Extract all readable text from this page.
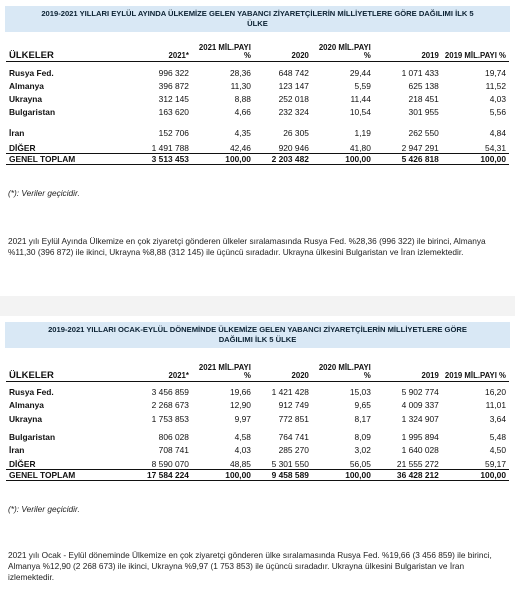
2019-2021 YILLARI EYLÜL AYINDA ÜLKEMİZE GELEN YABANCI ZİYARETÇİLERİN MİLLİYETLERE GÖRE DAĞILIMI İLK 5 ÜLKE
ÜLKELER	2021*	2021 MİL.PAYI %	2020	2020 MİL.PAYI %	2019	2019 MİL.PAYI %
Rusya Fed.	996 322	28,36	648 742	29,44	1 071 433	19,74
Almanya	396 872	11,30	123 147	5,59	625 138	11,52
Ukrayna	312 145	8,88	252 018	11,44	218 451	4,03
Bulgaristan	163 620	4,66	232 324	10,54	301 955	5,56
İran	152 706	4,35	26 305	1,19	262 550	4,84
DİĞER	1 491 788	42,46	920 946	41,80	2 947 291	54,31
GENEL TOPLAM	3 513 453	100,00	2 203 482	100,00	5 426 818	100,00
(*): Veriler geçicidir.
2021 yılı Eylül Ayında Ülkemize en çok ziyaretçi gönderen ülkeler sıralamasında Rusya Fed. %28,36 (996 322) ile birinci, Almanya %11,30 (396 872) ile ikinci, Ukrayna %8,88 (312 145) ile üçüncü sıradadır. Ukrayna ülkesini Bulgaristan ve İran izlemektedir.
2019-2021 YILLARI OCAK-EYLÜL DÖNEMİNDE ÜLKEMİZE GELEN YABANCI ZİYARETÇİLERİN MİLLİYETLERE GÖRE DAĞILIMI İLK 5 ÜLKE
ÜLKELER	2021*	2021 MİL.PAYI %	2020	2020 MİL.PAYI %	2019	2019 MİL.PAYI %
Rusya Fed.	3 456 859	19,66	1 421 428	15,03	5 902 774	16,20
Almanya	2 268 673	12,90	912 749	9,65	4 009 337	11,01
Ukrayna	1 753 853	9,97	772 851	8,17	1 324 907	3,64
Bulgaristan	806 028	4,58	764 741	8,09	1 995 894	5,48
İran	708 741	4,03	285 270	3,02	1 640 028	4,50
DİĞER	8 590 070	48,85	5 301 550	56,05	21 555 272	59,17
GENEL TOPLAM	17 584 224	100,00	9 458 589	100,00	36 428 212	100,00
(*): Veriler geçicidir.
2021 yılı Ocak - Eylül döneminde Ülkemize en çok ziyaretçi gönderen ülke sıralamasında Rusya Fed. %19,66 (3 456 859) ile birinci, Almanya %12,90 (2 268 673) ile ikinci, Ukrayna %9,97 (1 753 853) ile üçüncü sıradadır. Ukrayna ülkesini Bulgaristan ve İran izlemektedir.
